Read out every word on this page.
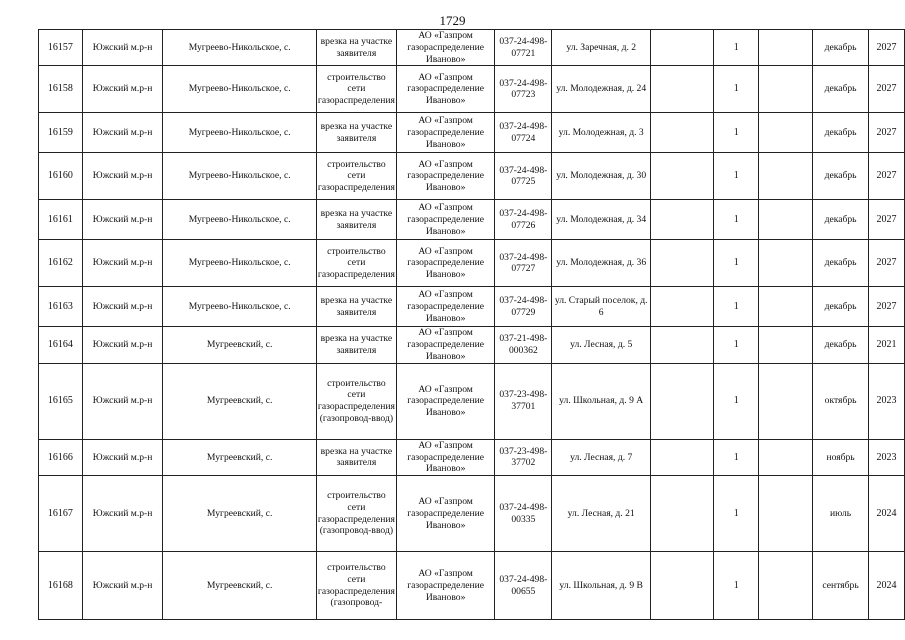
1729
16157	Южский м.р-н	Мугреево-Никольское, с.	врезка на участке заявителя	АО «Газпром газораспределение Иваново»	037-24-498-07721	ул. Заречная, д. 2		1		декабрь	2027
16158	Южский м.р-н	Мугреево-Никольское, с.	строительство сети газораспределения	АО «Газпром газораспределение Иваново»	037-24-498-07723	ул. Молодежная, д. 24		1		декабрь	2027
16159	Южский м.р-н	Мугреево-Никольское, с.	врезка на участке заявителя	АО «Газпром газораспределение Иваново»	037-24-498-07724	ул. Молодежная, д. 3		1		декабрь	2027
16160	Южский м.р-н	Мугреево-Никольское, с.	строительство сети газораспределения	АО «Газпром газораспределение Иваново»	037-24-498-07725	ул. Молодежная, д. 30		1		декабрь	2027
16161	Южский м.р-н	Мугреево-Никольское, с.	врезка на участке заявителя	АО «Газпром газораспределение Иваново»	037-24-498-07726	ул. Молодежная, д. 34		1		декабрь	2027
16162	Южский м.р-н	Мугреево-Никольское, с.	строительство сети газораспределения	АО «Газпром газораспределение Иваново»	037-24-498-07727	ул. Молодежная, д. 36		1		декабрь	2027
16163	Южский м.р-н	Мугреево-Никольское, с.	врезка на участке заявителя	АО «Газпром газораспределение Иваново»	037-24-498-07729	ул. Старый поселок, д. 6		1		декабрь	2027
16164	Южский м.р-н	Мугреевский, с.	врезка на участке заявителя	АО «Газпром газораспределение Иваново»	037-21-498-000362	ул. Лесная, д. 5		1		декабрь	2021
16165	Южский м.р-н	Мугреевский, с.	строительство сети газораспределения (газопровод-ввод)	АО «Газпром газораспределение Иваново»	037-23-498-37701	ул. Школьная, д. 9 А		1		октябрь	2023
16166	Южский м.р-н	Мугреевский, с.	врезка на участке заявителя	АО «Газпром газораспределение Иваново»	037-23-498-37702	ул. Лесная, д. 7		1		ноябрь	2023
16167	Южский м.р-н	Мугреевский, с.	строительство сети газораспределения (газопровод-ввод)	АО «Газпром газораспределение Иваново»	037-24-498-00335	ул. Лесная, д. 21		1		июль	2024
16168	Южский м.р-н	Мугреевский, с.	строительство сети газораспределения (газопровод-	АО «Газпром газораспределение Иваново»	037-24-498-00655	ул. Школьная, д. 9 В		1		сентябрь	2024
